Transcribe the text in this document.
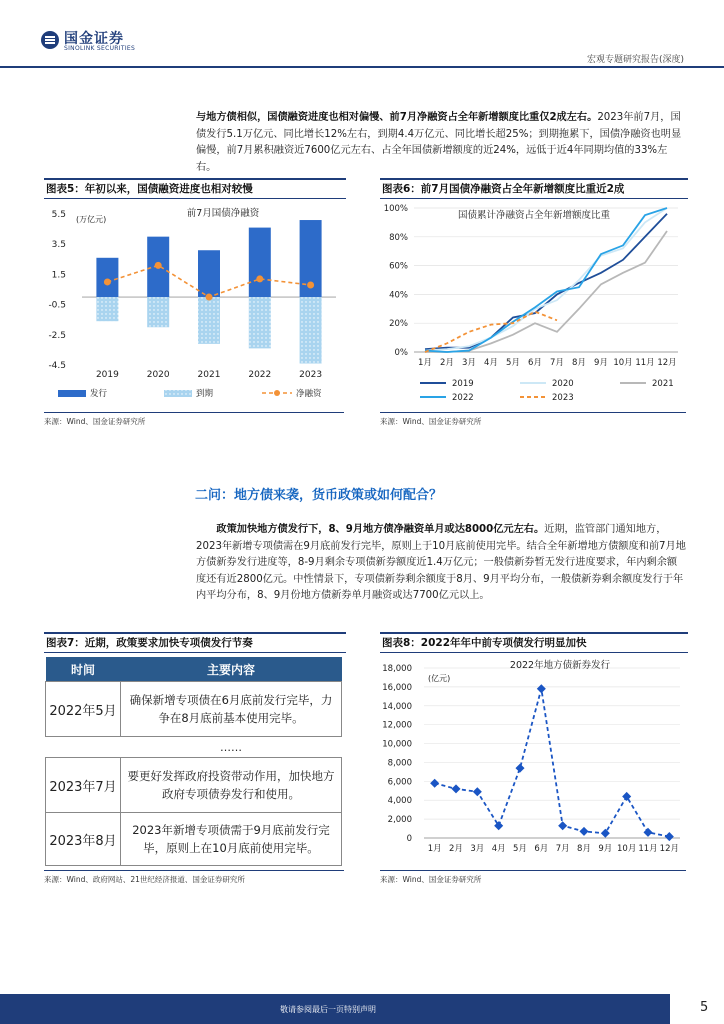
国金证券
SINOLINK SECURITIES
宏观专题研究报告(深度)
与地方债相似，国债融资进度也相对偏慢、前7月净融资占全年新增额度比重仅2成左右。2023年前7月，国债发行5.1万亿元、同比增长12%左右，到期4.4万亿元、同比增长超25%；到期拖累下，国债净融资也明显偏慢，前7月累积融资近7600亿元左右、占全年国债新增额度的近24%，远低于近4年同期均值的33%左右。
图表5：年初以来，国债融资进度也相对较慢
5.5
3.5
1.5
-0.5
-2.5
-4.5
(万亿元)
前7月国债净融资
2019	2020	2021	2022	2023
发行	到期	净融资
来源：Wind、国金证券研究所
图表6：前7月国债净融资占全年新增额度比重近2成
100%
80%
60%
40%
20%
0%
国债累计净融资占全年新增额度比重
1月 2月 3月 4月 5月 6月 7月 8月 9月 10月 11月 12月
2019	2020	2021
2022	2023
来源：Wind、国金证券研究所
二问：地方债来袭，货币政策或如何配合？
政策加快地方债发行下，8、9月地方债净融资单月或达8000亿元左右。近期，监管部门通知地方，2023年新增专项债需在9月底前发行完毕，原则上于10月底前使用完毕。结合全年新增地方债额度和前7月地方债新券发行进度等，8-9月剩余专项债新券额度近1.4万亿元；一般债新券暂无发行进度要求，年内剩余额度还有近2800亿元。中性情景下，专项债新券剩余额度于8月、9月平均分布，一般债新券剩余额度发行于年内平均分布，8、9月份地方债新券单月融资或达7700亿元以上。
图表7：近期，政策要求加快专项债发行节奏
时间	主要内容
2022年5月	确保新增专项债在6月底前发行完毕，力争在8月底前基本使用完毕。
	……
2023年7月	要更好发挥政府投资带动作用，加快地方政府专项债券发行和使用。
2023年8月	2023年新增专项债需于9月底前发行完毕，原则上在10月底前使用完毕。
来源：Wind、政府网站、21世纪经济报道、国金证券研究所
图表8：2022年年中前专项债发行明显加快
18,000
16,000
14,000
12,000
10,000
8,000
6,000
4,000
2,000
0
(亿元)
2022年地方债新券发行
1月 2月 3月 4月 5月 6月 7月 8月 9月 10月 11月 12月
来源：Wind、国金证券研究所
敬请参阅最后一页特别声明	5
